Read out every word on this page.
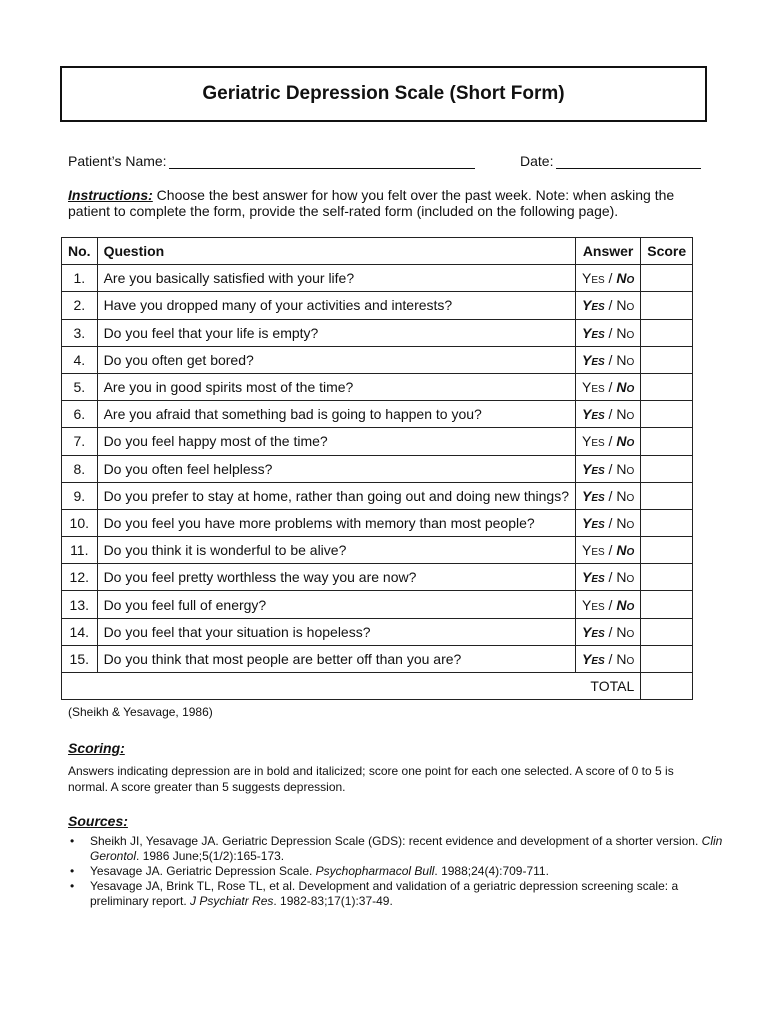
Geriatric Depression Scale (Short Form)
Patient’s Name:	Date:
Instructions: Choose the best answer for how you felt over the past week. Note: when asking the patient to complete the form, provide the self-rated form (included on the following page).
No.	Question	Answer	Score
1.	Are you basically satisfied with your life?	Yes / No	
2.	Have you dropped many of your activities and interests?	Yes / No	
3.	Do you feel that your life is empty?	Yes / No	
4.	Do you often get bored?	Yes / No	
5.	Are you in good spirits most of the time?	Yes / No	
6.	Are you afraid that something bad is going to happen to you?	Yes / No	
7.	Do you feel happy most of the time?	Yes / No	
8.	Do you often feel helpless?	Yes / No	
9.	Do you prefer to stay at home, rather than going out and doing new things?	Yes / No	
10.	Do you feel you have more problems with memory than most people?	Yes / No	
11.	Do you think it is wonderful to be alive?	Yes / No	
12.	Do you feel pretty worthless the way you are now?	Yes / No	
13.	Do you feel full of energy?	Yes / No	
14.	Do you feel that your situation is hopeless?	Yes / No	
15.	Do you think that most people are better off than you are?	Yes / No	
TOTAL			
(Sheikh & Yesavage, 1986)
Scoring:
Answers indicating depression are in bold and italicized; score one point for each one selected. A score of 0 to 5 is normal. A score greater than 5 suggests depression.
Sources:
• Sheikh JI, Yesavage JA. Geriatric Depression Scale (GDS): recent evidence and development of a shorter version. Clin Gerontol. 1986 June;5(1/2):165-173.
• Yesavage JA. Geriatric Depression Scale. Psychopharmacol Bull. 1988;24(4):709-711.
• Yesavage JA, Brink TL, Rose TL, et al. Development and validation of a geriatric depression screening scale: a preliminary report. J Psychiatr Res. 1982-83;17(1):37-49.
